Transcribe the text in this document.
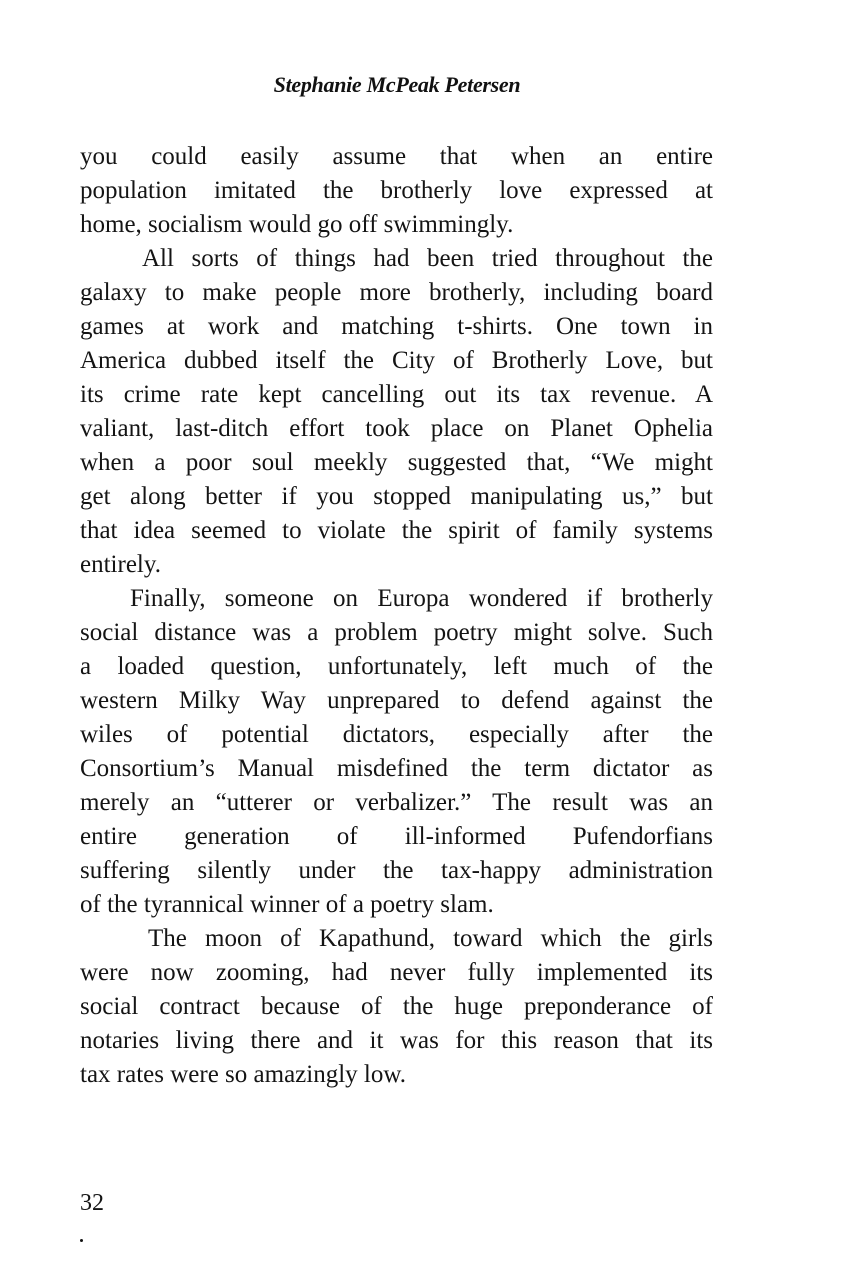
Stephanie McPeak Petersen
you could easily assume that when an entire
population imitated the brotherly love expressed at
home, socialism would go off swimmingly.
All sorts of things had been tried throughout the
galaxy to make people more brotherly, including board
games at work and matching t-shirts. One town in
America dubbed itself the City of Brotherly Love, but
its crime rate kept cancelling out its tax revenue. A
valiant, last-ditch effort took place on Planet Ophelia
when a poor soul meekly suggested that, “We might
get along better if you stopped manipulating us,” but
that idea seemed to violate the spirit of family systems
entirely.
Finally, someone on Europa wondered if brotherly
social distance was a problem poetry might solve. Such
a loaded question, unfortunately, left much of the
western Milky Way unprepared to defend against the
wiles of potential dictators, especially after the
Consortium’s Manual misdefined the term dictator as
merely an “utterer or verbalizer.” The result was an
entire generation of ill-informed Pufendorfians
suffering silently under the tax-happy administration
of the tyrannical winner of a poetry slam.
The moon of Kapathund, toward which the girls
were now zooming, had never fully implemented its
social contract because of the huge preponderance of
notaries living there and it was for this reason that its
tax rates were so amazingly low.
32
